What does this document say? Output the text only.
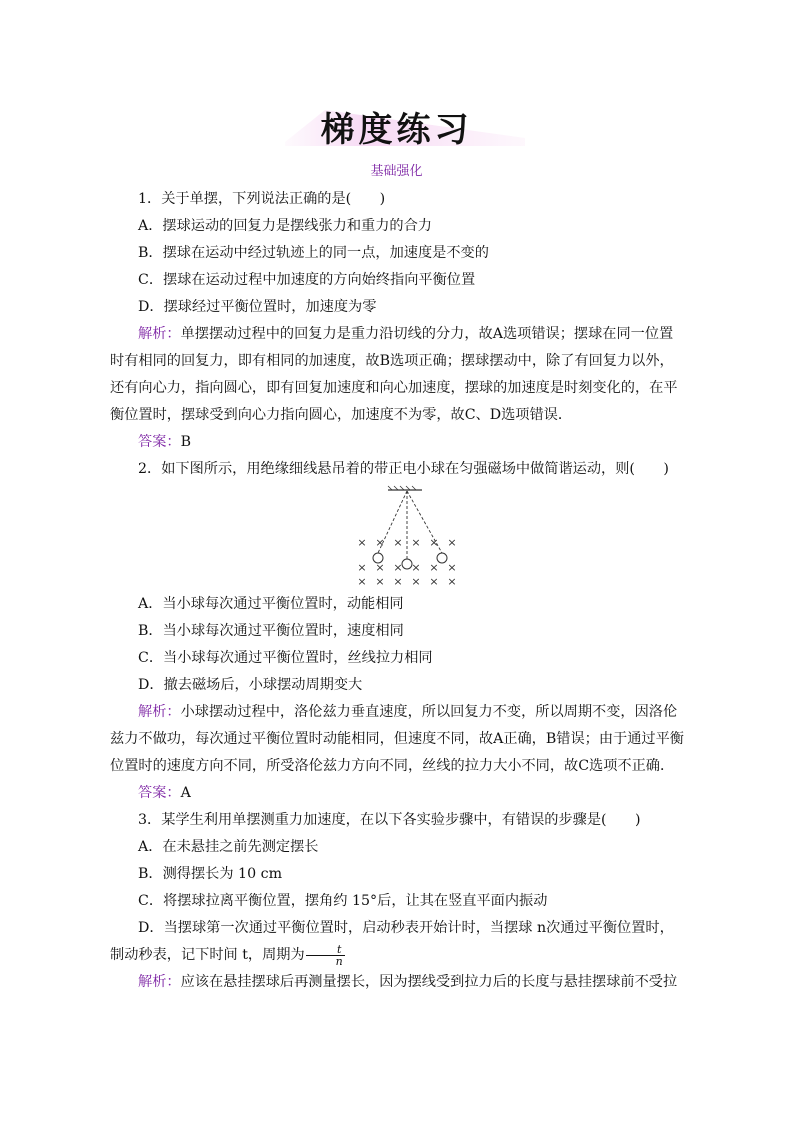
梯度练习
基础强化
1．关于单摆，下列说法正确的是(　　)
A．摆球运动的回复力是摆线张力和重力的合力
B．摆球在运动中经过轨迹上的同一点，加速度是不变的
C．摆球在运动过程中加速度的方向始终指向平衡位置
D．摆球经过平衡位置时，加速度为零
解析：单摆摆动过程中的回复力是重力沿切线的分力，故A选项错误；摆球在同一位置时有相同的回复力，即有相同的加速度，故B选项正确；摆球摆动中，除了有回复力以外，还有向心力，指向圆心，即有回复加速度和向心加速度，摆球的加速度是时刻变化的，在平衡位置时，摆球受到向心力指向圆心，加速度不为零，故C、D选项错误．
答案：B
2．如下图所示，用绝缘细线悬吊着的带正电小球在匀强磁场中做简谐运动，则(　　)
× × × × × ×
× × × × × ×
× × × × × ×
A．当小球每次通过平衡位置时，动能相同
B．当小球每次通过平衡位置时，速度相同
C．当小球每次通过平衡位置时，丝线拉力相同
D．撤去磁场后，小球摆动周期变大
解析：小球摆动过程中，洛伦兹力垂直速度，所以回复力不变，所以周期不变，因洛伦兹力不做功，每次通过平衡位置时动能相同，但速度不同，故A正确，B错误；由于通过平衡位置时的速度方向不同，所受洛伦兹力方向不同，丝线的拉力大小不同，故C选项不正确．
答案：A
3．某学生利用单摆测重力加速度，在以下各实验步骤中，有错误的步骤是(　　)
A．在未悬挂之前先测定摆长
B．测得摆长为 10 cm
C．将摆球拉离平衡位置，摆角约 15°后，让其在竖直平面内振动
D．当摆球第一次通过平衡位置时，启动秒表开始计时，当摆球 n次通过平衡位置时，制动秒表，记下时间 t，周期为 $\frac{t}{n}$
解析：应该在悬挂摆球后再测量摆长，因为摆线受到拉力后的长度与悬挂摆球前不受拉
